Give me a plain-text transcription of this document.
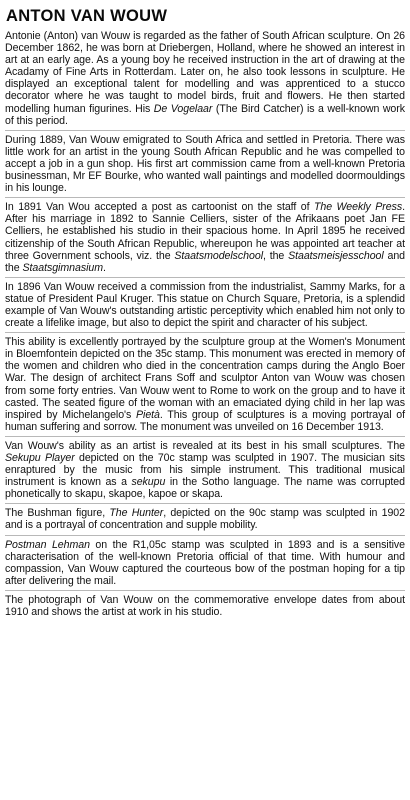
ANTON VAN WOUW

Antonie (Anton) van Wouw is regarded as the father of South African sculpture. On 26 December 1862, he was born at Driebergen, Holland, where he showed an interest in art at an early age. As a young boy he received instruction in the art of drawing at the Acadamy of Fine Arts in Rotterdam. Later on, he also took lessons in sculpture. He displayed an exceptional talent for modelling and was apprenticed to a stucco decorator where he was taught to model birds, fruit and flowers. He then started modelling human figurines. His De Vogelaar (The Bird Catcher) is a well-known work of this period.

During 1889, Van Wouw emigrated to South Africa and settled in Pretoria. There was little work for an artist in the young South African Republic and he was compelled to accept a job in a gun shop. His first art commission came from a well-known Pretoria businessman, Mr EF Bourke, who wanted wall paintings and modelled doormouldings in his lounge.

In 1891 Van Wou accepted a post as cartoonist on the staff of The Weekly Press. After his marriage in 1892 to Sannie Celliers, sister of the Afrikaans poet Jan FE Celliers, he established his studio in their spacious home. In April 1895 he received citizenship of the South African Republic, whereupon he was appointed art teacher at three Government schools, viz. the Staatsmodelschool, the Staatsmeisjesschool and the Staatsgimnasium.

In 1896 Van Wouw received a commission from the industrialist, Sammy Marks, for a statue of President Paul Kruger. This statue on Church Square, Pretoria, is a splendid example of Van Wouw's outstanding artistic perceptivity which enabled him not only to create a lifelike image, but also to depict the spirit and character of his subject.

This ability is excellently portrayed by the sculpture group at the Women's Monument in Bloemfontein depicted on the 35c stamp. This monument was erected in memory of the women and children who died in the concentration camps during the Anglo Boer War. The design of architect Frans Soff and sculptor Anton van Wouw was chosen from some forty entries. Van Wouw went to Rome to work on the group and to have it casted. The seated figure of the woman with an emaciated dying child in her lap was inspired by Michelangelo's Pietà. This group of sculptures is a moving portrayal of human suffering and sorrow. The monument was unveiled on 16 December 1913.

Van Wouw's ability as an artist is revealed at its best in his small sculptures. The Sekupu Player depicted on the 70c stamp was sculpted in 1907. The musician sits enraptured by the music from his simple instrument. This traditional musical instrument is known as a sekupu in the Sotho language. The name was corrupted phonetically to skapu, skapoe, kapoe or skapa.

The Bushman figure, The Hunter, depicted on the 90c stamp was sculpted in 1902 and is a portrayal of concentration and supple mobility.

Postman Lehman on the R1,05c stamp was sculpted in 1893 and is a sensitive characterisation of the well-known Pretoria official of that time. With humour and compassion, Van Wouw captured the courteous bow of the postman hoping for a tip after delivering the mail.

The photograph of Van Wouw on the commemorative envelope dates from about 1910 and shows the artist at work in his studio.
